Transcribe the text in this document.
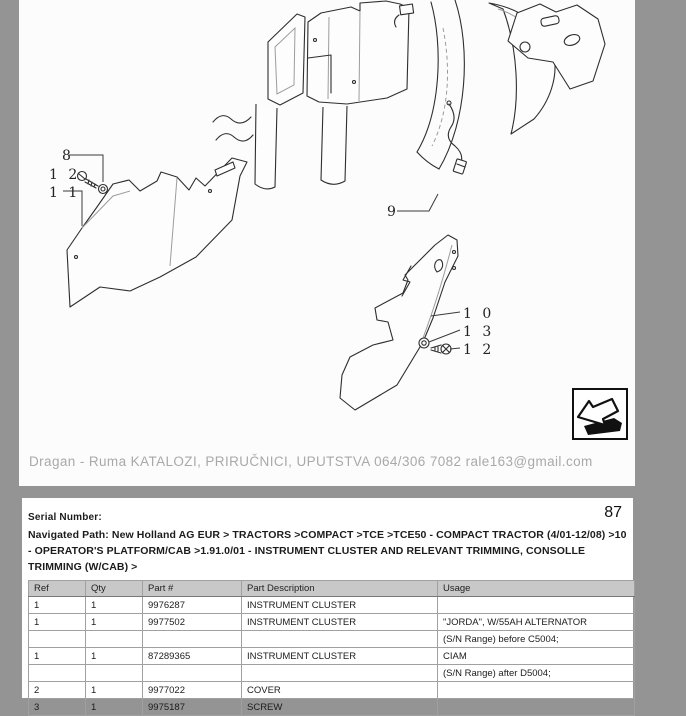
8
1 2
1 1
9
1 0
1 3
1 2
Dragan - Ruma KATALOZI, PRIRUČNICI, UPUTSTVA 064/306 7082 rale163@gmail.com
Serial Number:	87
Navigated Path: New Holland AG EUR > TRACTORS >COMPACT >TCE >TCE50 - COMPACT TRACTOR (4/01-12/08) >10 - OPERATOR'S PLATFORM/CAB >1.91.0/01 - INSTRUMENT CLUSTER AND RELEVANT TRIMMING, CONSOLLE TRIMMING (W/CAB) >
Ref	Qty	Part #	Part Description	Usage
1	1	9976287	INSTRUMENT CLUSTER	
1	1	9977502	INSTRUMENT CLUSTER	"JORDA", W/55AH ALTERNATOR
				(S/N Range) before C5004;
1	1	87289365	INSTRUMENT CLUSTER	CIAM
				(S/N Range) after D5004;
2	1	9977022	COVER	
3	1	9975187	SCREW	
